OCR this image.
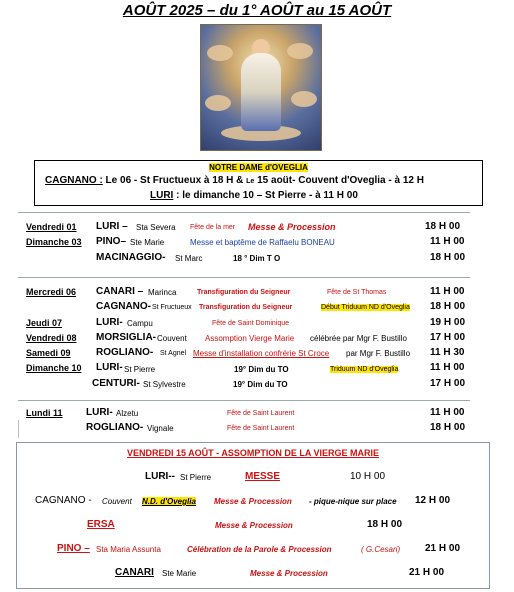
AOÛT 2025 – du 1° AOÛT au 15 AOÛT
NOTRE DAME d'OVEGLIA
CAGNANO : Le 06 - St Fructueux à 18 H & Le 15 aoüt- Couvent d'Oveglia - à 12 H
LURI : le dimanche 10 – St Pierre - à 11 H 00
Vendredi 01 LURI – Sta Severa Fête de la mer Messe & Procession	18 H 00
Dimanche 03 PINO– Ste Marie	Messe et baptême de Raffaelu BONEAU	11 H 00
MACINAGGIO- St Marc	18 ° Dim T O	18 H 00
Mercredi 06 CANARI – Marinca	Transfiguration du Seigneur	Fête de St Thomas	11 H 00
CAGNANO- St Fructueux Transfiguration du Seigneur	Début Triduum ND d'Oveglia 18 H 00
Jeudi 07	LURI- Campu	Fête de Saint Dominique	19 H 00
Vendredi 08 MORSIGLIA- Couvent Assomption Vierge Marie célébrée par Mgr F. Bustillo 17 H 00
Samedi 09	ROGLIANO- St Agnel Messe d'installation confrérie St Croce par Mgr F. Bustillo 11 H 30
Dimanche 10 LURI- St Pierre	19° Dim du TO	Triduum ND d'Oveglia	11 H 00
CENTURI- St Sylvestre	19° Dim du TO	17 H 00
Lundi 11 LURI- Alzetu	Fête de Saint Laurent	11 H 00
ROGLIANO- Vignale	Fête de Saint Laurent	18 H 00
VENDREDI 15 AOÛT - ASSOMPTION DE LA VIERGE MARIE
LURI-- St Pierre	MESSE	10 H 00
CAGNANO - Couvent N.D. d'Oveglia Messe & Procession - pique-nique sur place 12 H 00
ERSA	Messe & Procession	18 H 00
PINO – Sta Maria Assunta	Célébration de la Parole & Procession	( G.Cesari) 21 H 00
CANARI Ste Marie	Messe & Procession	21 H 00
